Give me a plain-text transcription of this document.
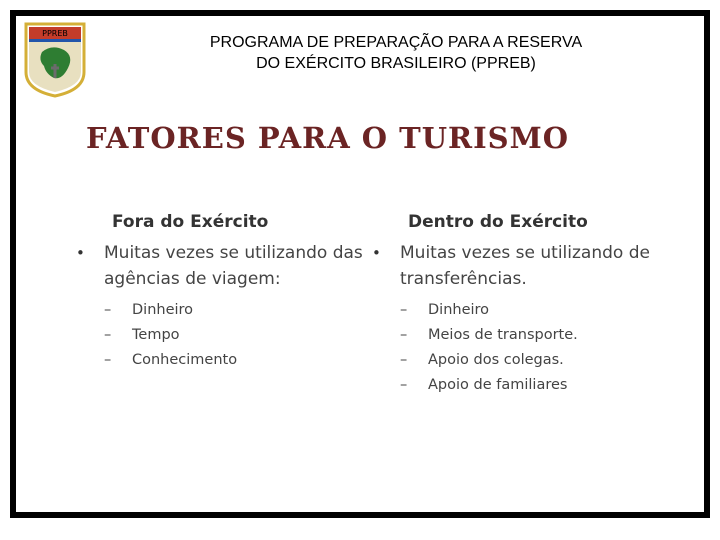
PPREB
PROGRAMA DE PREPARAÇÃO PARA A RESERVA
DO EXÉRCITO BRASILEIRO (PPREB)
FATORES PARA O TURISMO
Fora do Exército
•	Muitas vezes se utilizando das agências de viagem:
–	Dinheiro
–	Tempo
–	Conhecimento
Dentro do Exército
•	Muitas vezes se utilizando de transferências.
–	Dinheiro
–	Meios de transporte.
–	Apoio dos colegas.
–	Apoio de familiares
